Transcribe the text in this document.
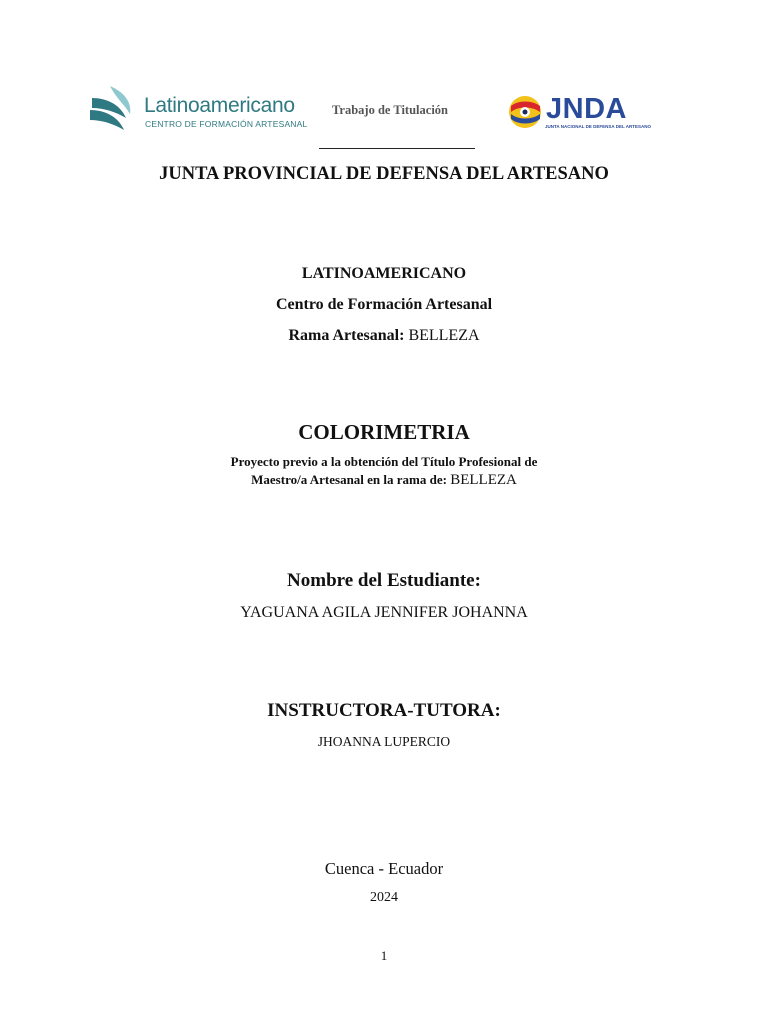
Latinoamericano
CENTRO DE FORMACIÓN ARTESANAL
Trabajo de Titulación	JNDA
JUNTA NACIONAL DE DEFENSA DEL ARTESANO
JUNTA PROVINCIAL DE DEFENSA DEL ARTESANO
LATINOAMERICANO
Centro de Formación Artesanal
Rama Artesanal: BELLEZA
COLORIMETRIA
Proyecto previo a la obtención del Título Profesional de
Maestro/a Artesanal en la rama de: BELLEZA
Nombre del Estudiante:
YAGUANA AGILA JENNIFER JOHANNA
INSTRUCTORA-TUTORA:
JHOANNA LUPERCIO
Cuenca - Ecuador
2024
1
